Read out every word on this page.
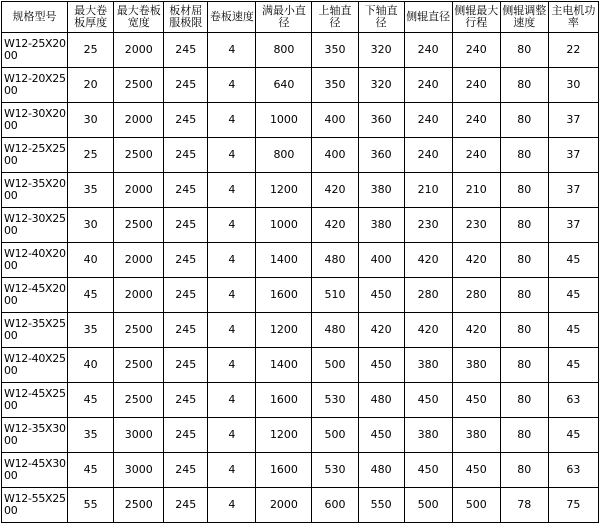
规格型号	最大卷板厚度	最大卷板宽度	板材屈服极限	卷板速度	满最小直径	上轴直径	下轴直径	侧辊直径	侧辊最大行程	侧辊调整速度	主电机功率
W12-25X2000	25	2000	245	4	800	350	320	240	240	80	22
W12-20X2500	20	2500	245	4	640	350	320	240	240	80	30
W12-30X2000	30	2000	245	4	1000	400	360	240	240	80	37
W12-25X2500	25	2500	245	4	800	400	360	240	240	80	37
W12-35X2000	35	2000	245	4	1200	420	380	210	210	80	37
W12-30X2500	30	2500	245	4	1000	420	380	230	230	80	37
W12-40X2000	40	2000	245	4	1400	480	400	420	420	80	45
W12-45X2000	45	2000	245	4	1600	510	450	280	280	80	45
W12-35X2500	35	2500	245	4	1200	480	420	420	420	80	45
W12-40X2500	40	2500	245	4	1400	500	450	380	380	80	45
W12-45X2500	45	2500	245	4	1600	530	480	450	450	80	63
W12-35X3000	35	3000	245	4	1200	500	450	380	380	80	45
W12-45X3000	45	3000	245	4	1600	530	480	450	450	80	63
W12-55X2500	55	2500	245	4	2000	600	550	500	500	78	75
